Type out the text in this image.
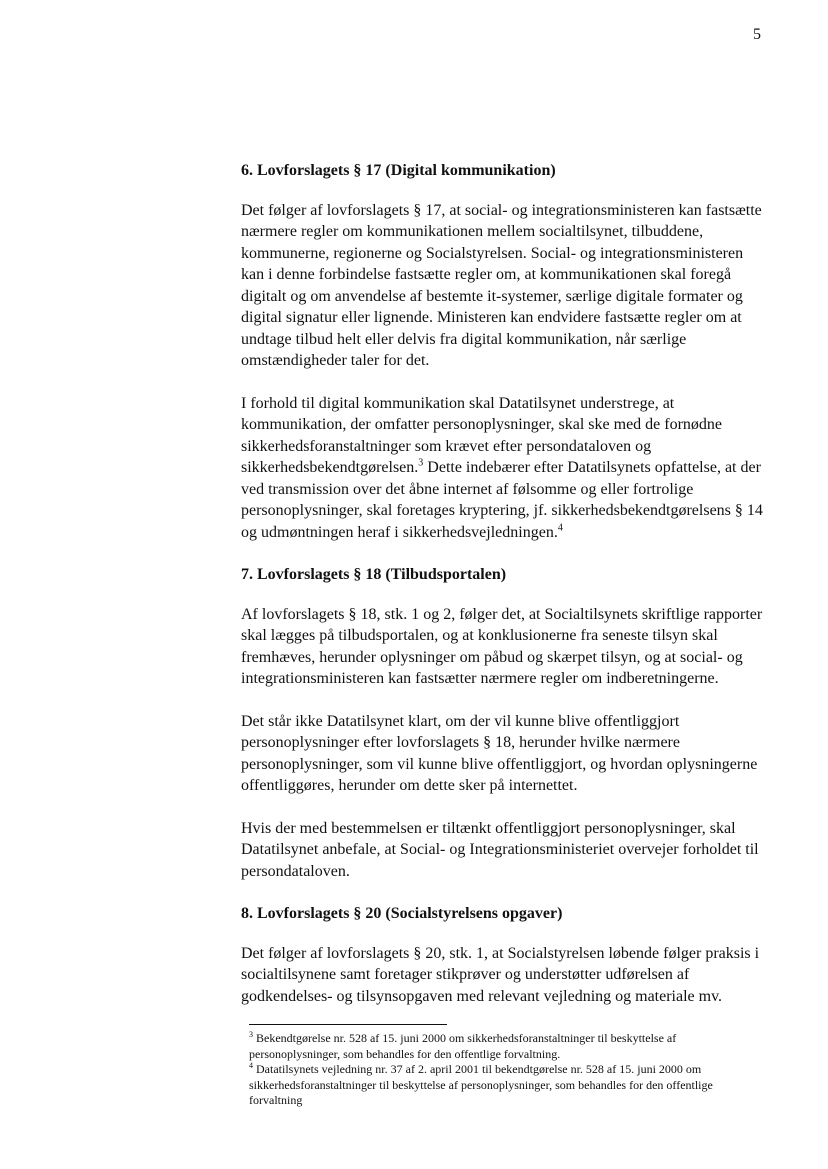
5

6. Lovforslagets § 17 (Digital kommunikation)

Det følger af lovforslagets § 17, at social- og integrationsministeren kan fastsætte nærmere regler om kommunikationen mellem socialtilsynet, tilbuddene, kommunerne, regionerne og Socialstyrelsen. Social- og integrationsministeren kan i denne forbindelse fastsætte regler om, at kommunikationen skal foregå digitalt og om anvendelse af bestemte it-systemer, særlige digitale formater og digital signatur eller lignende. Ministeren kan endvidere fastsætte regler om at undtage tilbud helt eller delvis fra digital kommunikation, når særlige omstændigheder taler for det.

I forhold til digital kommunikation skal Datatilsynet understrege, at kommunikation, der omfatter personoplysninger, skal ske med de fornødne sikkerhedsforanstaltninger som krævet efter persondataloven og sikkerhedsbekendtgørelsen.$^3$ Dette indebærer efter Datatilsynets opfattelse, at der ved transmission over det åbne internet af følsomme og eller fortrolige personoplysninger, skal foretages kryptering, jf. sikkerhedsbekendtgørelsens § 14 og udmøntningen heraf i sikkerhedsvejledningen.$^4$

7. Lovforslagets § 18 (Tilbudsportalen)

Af lovforslagets § 18, stk. 1 og 2, følger det, at Socialtilsynets skriftlige rapporter skal lægges på tilbudsportalen, og at konklusionerne fra seneste tilsyn skal fremhæves, herunder oplysninger om påbud og skærpet tilsyn, og at social- og integrationsministeren kan fastsætter nærmere regler om indberetningerne.

Det står ikke Datatilsynet klart, om der vil kunne blive offentliggjort personoplysninger efter lovforslagets § 18, herunder hvilke nærmere personoplysninger, som vil kunne blive offentliggjort, og hvordan oplysningerne offentliggøres, herunder om dette sker på internettet.

Hvis der med bestemmelsen er tiltænkt offentliggjort personoplysninger, skal Datatilsynet anbefale, at Social- og Integrationsministeriet overvejer forholdet til persondataloven.

8. Lovforslagets § 20 (Socialstyrelsens opgaver)

Det følger af lovforslagets § 20, stk. 1, at Socialstyrelsen løbende følger praksis i socialtilsynene samt foretager stikprøver og understøtter udførelsen af godkendelses- og tilsynsopgaven med relevant vejledning og materiale mv.

$^3$ Bekendtgørelse nr. 528 af 15. juni 2000 om sikkerhedsforanstaltninger til beskyttelse af personoplysninger, som behandles for den offentlige forvaltning.

$^4$ Datatilsynets vejledning nr. 37 af 2. april 2001 til bekendtgørelse nr. 528 af 15. juni 2000 om sikkerhedsforanstaltninger til beskyttelse af personoplysninger, som behandles for den offentlige forvaltning
